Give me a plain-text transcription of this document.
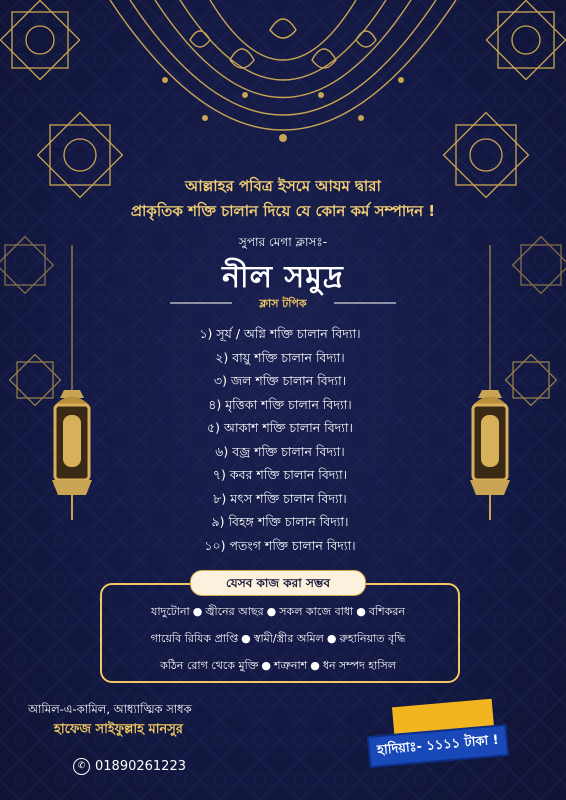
আল্লাহর পবিত্র ইসমে আযম দ্বারা
প্রাকৃতিক শক্তি চালান দিয়ে যে কোন কর্ম সম্পাদন !
সুপার মেগা ক্লাসঃ-
নীল সমুদ্র
ক্লাস টপিক
১) সূর্য / অগ্নি শক্তি চালান বিদ্যা।
২) বায়ু শক্তি চালান বিদ্যা।
৩) জল শক্তি চালান বিদ্যা।
৪) মৃত্তিকা শক্তি চালান বিদ্যা।
৫) আকাশ শক্তি চালান বিদ্যা।
৬) বজ্র শক্তি চালান বিদ্যা।
৭) কবর শক্তি চালান বিদ্যা।
৮) মৎস শক্তি চালান বিদ্যা।
৯) বিহঙ্গ শক্তি চালান বিদ্যা।
১০) পতংগ শক্তি চালান বিদ্যা।
যেসব কাজ করা সম্ভব
যাদুটোনা ● জ্বীনের আছর ● সকল কাজে বাধা ● বশিকরন
গায়েবি রিযিক প্রাপ্তি ● স্বামী/স্ত্রীর অমিল ● রুহানিয়াত বৃদ্ধি
কঠিন রোগ থেকে মুক্তি ● শত্রুনাশ ● ধন সম্পদ হাসিল
আমিল-এ-কামিল, আধ্যাত্মিক সাধক
হাফেজ সাইফুল্লাহ মানসুর
✆ 01890261223
হাদিয়াঃ- ১১১১ টাকা !
